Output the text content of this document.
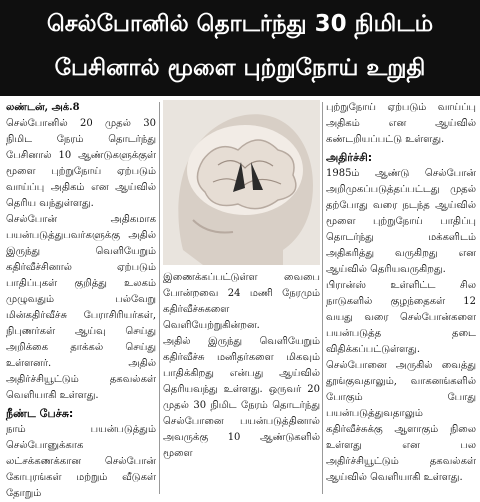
செல்போனில் தொடர்ந்து 30 நிமிடம்
பேசினால் மூளை புற்றுநோய் உறுதி

லண்டன், அக்.8

செல்போனில் 20 முதல் 30 நிமிட நேரம் தொடர்ந்து பேசினால் 10 ஆண்டுகளுக்குள் மூளை புற்றுநோய் ஏற்படும் வாய்ப்பு அதிகம் என ஆய்வில் தெரிய வந்துள்ளது.

செல்போன் அதிகமாக பயன்படுத்துபவர்களுக்கு அதில் இருந்து வெளியேறும் கதிர்வீச்சினால் ஏற்படும் பாதிப்புகள் குறித்து உலகம் முழுவதும் பல்வேறு மின்கதிர்வீச்சு பேராசிரியர்கள், நிபுணர்கள் ஆய்வு செய்து அறிக்கை தாக்கல் செய்து உள்ளனர். அதில் அதிர்ச்சியூட்டும் தகவல்கள் வெளியாகி உள்ளது.

நீண்ட பேச்சு:

நாம் பயன்படுத்தும் செல்போனுக்காக லட்சக்கணக்கான செல்போன் கோபுரங்கள் மற்றும் வீடுகள் தோறும்

இணைக்கப்பட்டுள்ள வைபை போன்றவை 24 மணி நேரமும் கதிர்வீச்சுகளை வெளியேற்றுகின்றன.

அதில் இருந்து வெளியேறும் கதிர்வீச்சு மனிதர்களை மிகவும் பாதிக்கிறது என்பது ஆய்வில் தெரியவந்து உள்ளது. ஒருவர் 20 முதல் 30 நிமிட நேரம் தொடர்ந்து செல்போனை பயன்படுத்தினால் அவருக்கு 10 ஆண்டுகளில் மூளை

புற்றுநோய் ஏற்படும் வாய்ப்பு அதிகம் என ஆய்வில் கண்டறியப்பட்டு உள்ளது.

அதிர்ச்சி:

1985ம் ஆண்டு செல்போன் அறிமுகப்படுத்தப்பட்டது முதல் தற்போது வரை நடந்த ஆய்வில் மூளை புற்றுநோய் பாதிப்பு தொடர்ந்து மக்களிடம் அதிகரித்து வருகிறது என ஆய்வில் தெரியவருகிறது.

பிரான்ஸ் உள்ளிட்ட சில நாடுகளில் குழந்தைகள் 12 வயது வரை செல்போன்களை பயன்படுத்த தடை விதிக்கப்பட்டுள்ளது. செல்போனை அருகில் வைத்து தூங்குவதாலும், வாகனங்களில் போகும் போது பயன்படுத்துவதாலும் கதிர்வீச்சுக்கு ஆளாகும் நிலை உள்ளது என பல அதிர்ச்சியூட்டும் தகவல்கள் ஆய்வில் வெளியாகி உள்ளது.
